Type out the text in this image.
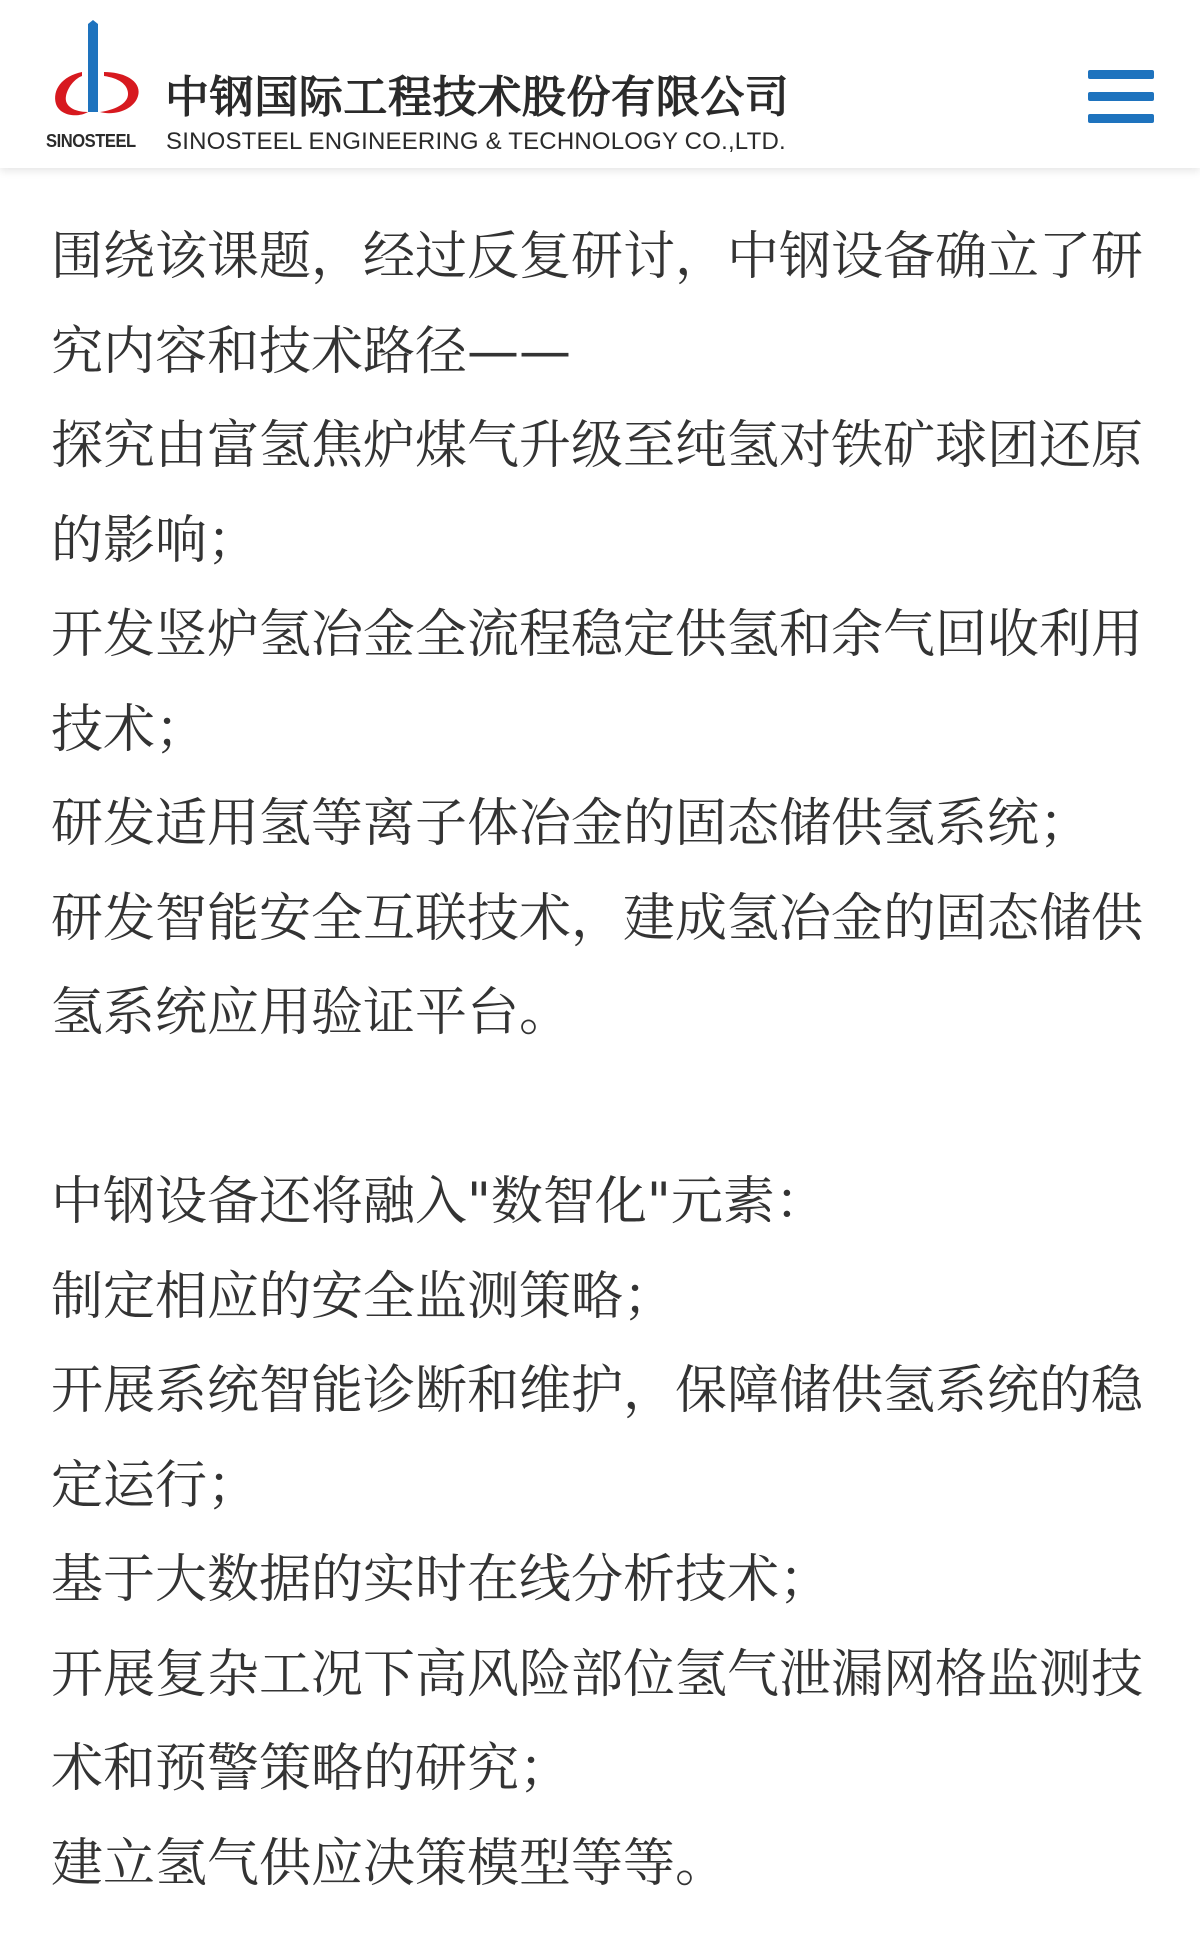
SINOSTEEL
中钢国际工程技术股份有限公司
SINOSTEEL ENGINEERING & TECHNOLOGY CO.,LTD.

围绕该课题，经过反复研讨，中钢设备确立了研究内容和技术路径——

探究由富氢焦炉煤气升级至纯氢对铁矿球团还原的影响；

开发竖炉氢冶金全流程稳定供氢和余气回收利用技术；

研发适用氢等离子体冶金的固态储供氢系统；

研发智能安全互联技术，建成氢冶金的固态储供氢系统应用验证平台。

中钢设备还将融入"数智化"元素：

制定相应的安全监测策略；

开展系统智能诊断和维护，保障储供氢系统的稳定运行；

基于大数据的实时在线分析技术；

开展复杂工况下高风险部位氢气泄漏网格监测技术和预警策略的研究；

建立氢气供应决策模型等等。
